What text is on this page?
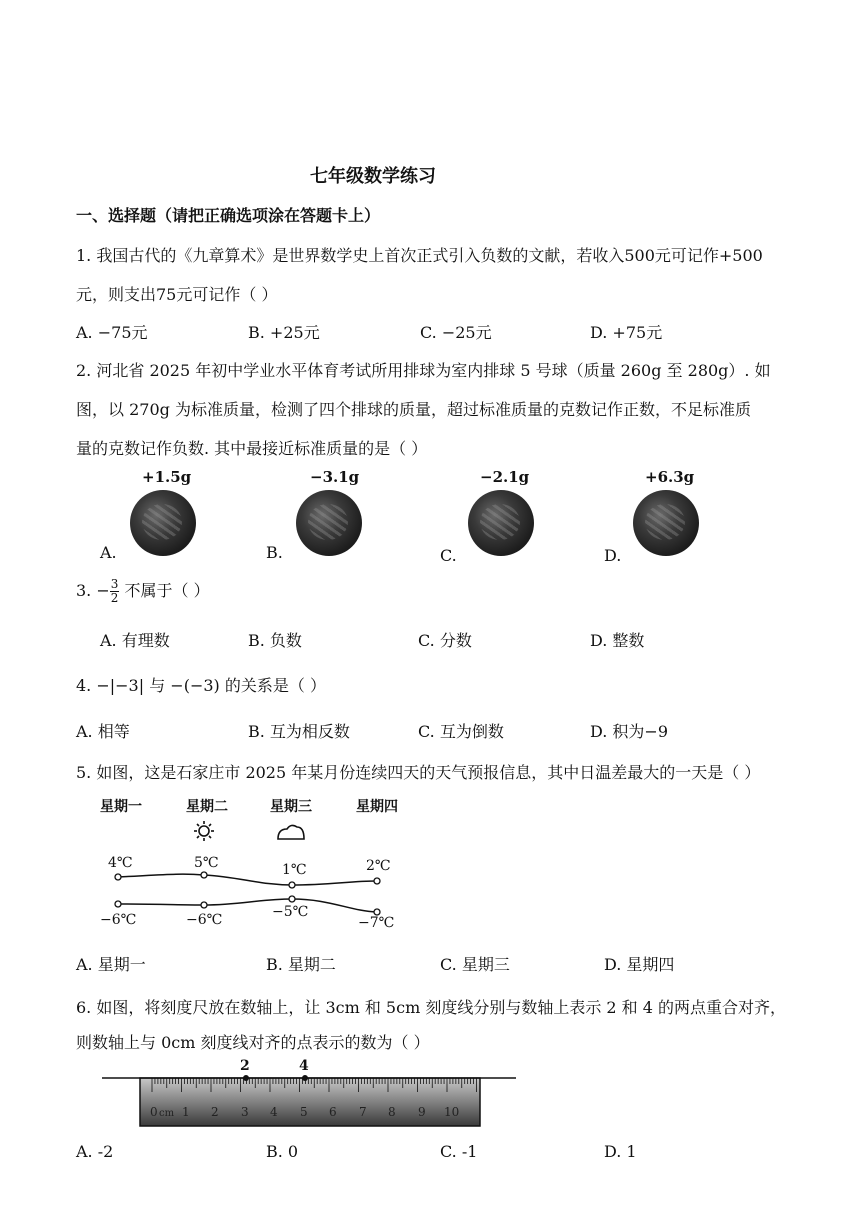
七年级数学练习
一、选择题（请把正确选项涂在答题卡上）
1. 我国古代的《九章算术》是世界数学史上首次正式引入负数的文献，若收入500元可记作+500
元，则支出75元可记作（ ）
A. −75元	B. +25元	C. −25元	D. +75元
2. 河北省 2025 年初中学业水平体育考试所用排球为室内排球 5 号球（质量 260g 至 280g）. 如
图，以 270g 为标准质量，检测了四个排球的质量，超过标准质量的克数记作正数，不足标准质
量的克数记作负数. 其中最接近标准质量的是（ ）
+1.5g
A.
−3.1g
B.
−2.1g
C.
+6.3g
D.
3. − $\frac{3}{2}$ 不属于（ ）
A. 有理数	B. 负数	C. 分数	D. 整数
4. −|−3| 与 −(−3) 的关系是（ ）
A. 相等	B. 互为相反数	C. 互为倒数	D. 积为−9
5. 如图，这是石家庄市 2025 年某月份连续四天的天气预报信息，其中日温差最大的一天是（ ）
星期一	星期二	星期三	星期四
4℃	5℃	1℃	2℃
−6℃	−6℃	−5℃
−7℃
A. 星期一	B. 星期二	C. 星期三	D. 星期四
6. 如图，将刻度尺放在数轴上，让 3cm 和 5cm 刻度线分别与数轴上表示 2 和 4 的两点重合对齐，
则数轴上与 0cm 刻度线对齐的点表示的数为（ ）
2	4
0 cm 1 2 3 4 5 6 7 8 9 10
A. -2	B. 0	C. -1	D. 1
